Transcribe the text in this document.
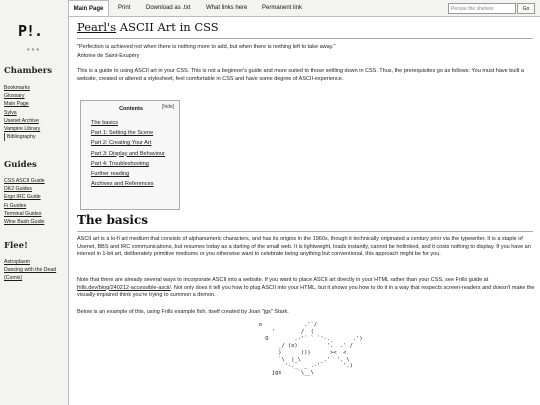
P!.
***
Chambers
Bookmarks
Glossary
Main Page
Sylva
Usenet Archive
Vampire Library
Bibliography
Guides
CSS ASCII Guide
DK2 Guides
Ergo IRC Guide
Fi Guides
Terminal Guides
Wine Bash Guide
Flee!
Astroplasm
Dancing with the Dead
(Comix)
Main Page	Print	Download as .txt	What links here Permanent link
Peruse the shelves	Go
Pearl's ASCII Art in CSS

"Perfection is achieved not when there is nothing more to add, but when there is nothing left to take away."

Antoine de Saint-Exupéry

This is a guide to using ASCII art in your CSS. This is not a beginner's guide and more suited to those settling down in CSS. Thus, the prerequisites go as follows: You must have built a website, created or altered a stylesheet, feel comfortable in CSS and have some degree of ASCII-experience.

Contents	[hide]
The basics
Part 1: Setting the Scene
Part 2: Creating Your Art
Part 3: Display and Behaviour
Part 4: Troubleshooting
Further reading
Archives and References
The basics

ASCII art is a lo-fi art medium that consists of alphanumeric characters, and has its origins in the 1960s, though it technically originated a century prior via the typewriter. It is a staple of Usenet, BBS and IRC communications, but resumes today as a darling of the small web. It is lightweight, loads instantly, cannot be hotlinked, and it costs nothing to display. If you have an interest in 1-bit art, deliberately primitive mediums or you otherwise want to celebrate being anything but conventional, this approach might be for you.

Note that there are already several ways to incorporate ASCII into a website. If you want to place ASCII art directly in your HTML rather than your CSS, see Frills guide at frills.dev/blog/240212-accessible-ascii/. Not only does it tell you how to plug ASCII into your HTML, but it shows you how to do it in a way that respects screen-readers and doesn't make the visually-impaired think you're trying to summon a demon.

Below is an example of this, using Frills example fish, itself created by Joan "jgs" Stark.

o             .'`/
'        /  (
O        .-'` ` `'-._      .')
_/ (o)         '.  .' /
)      )))      ><  <
`\  |_\      _.'  '. \
'-._  _ .-'       '.)
jgs     `\__\
